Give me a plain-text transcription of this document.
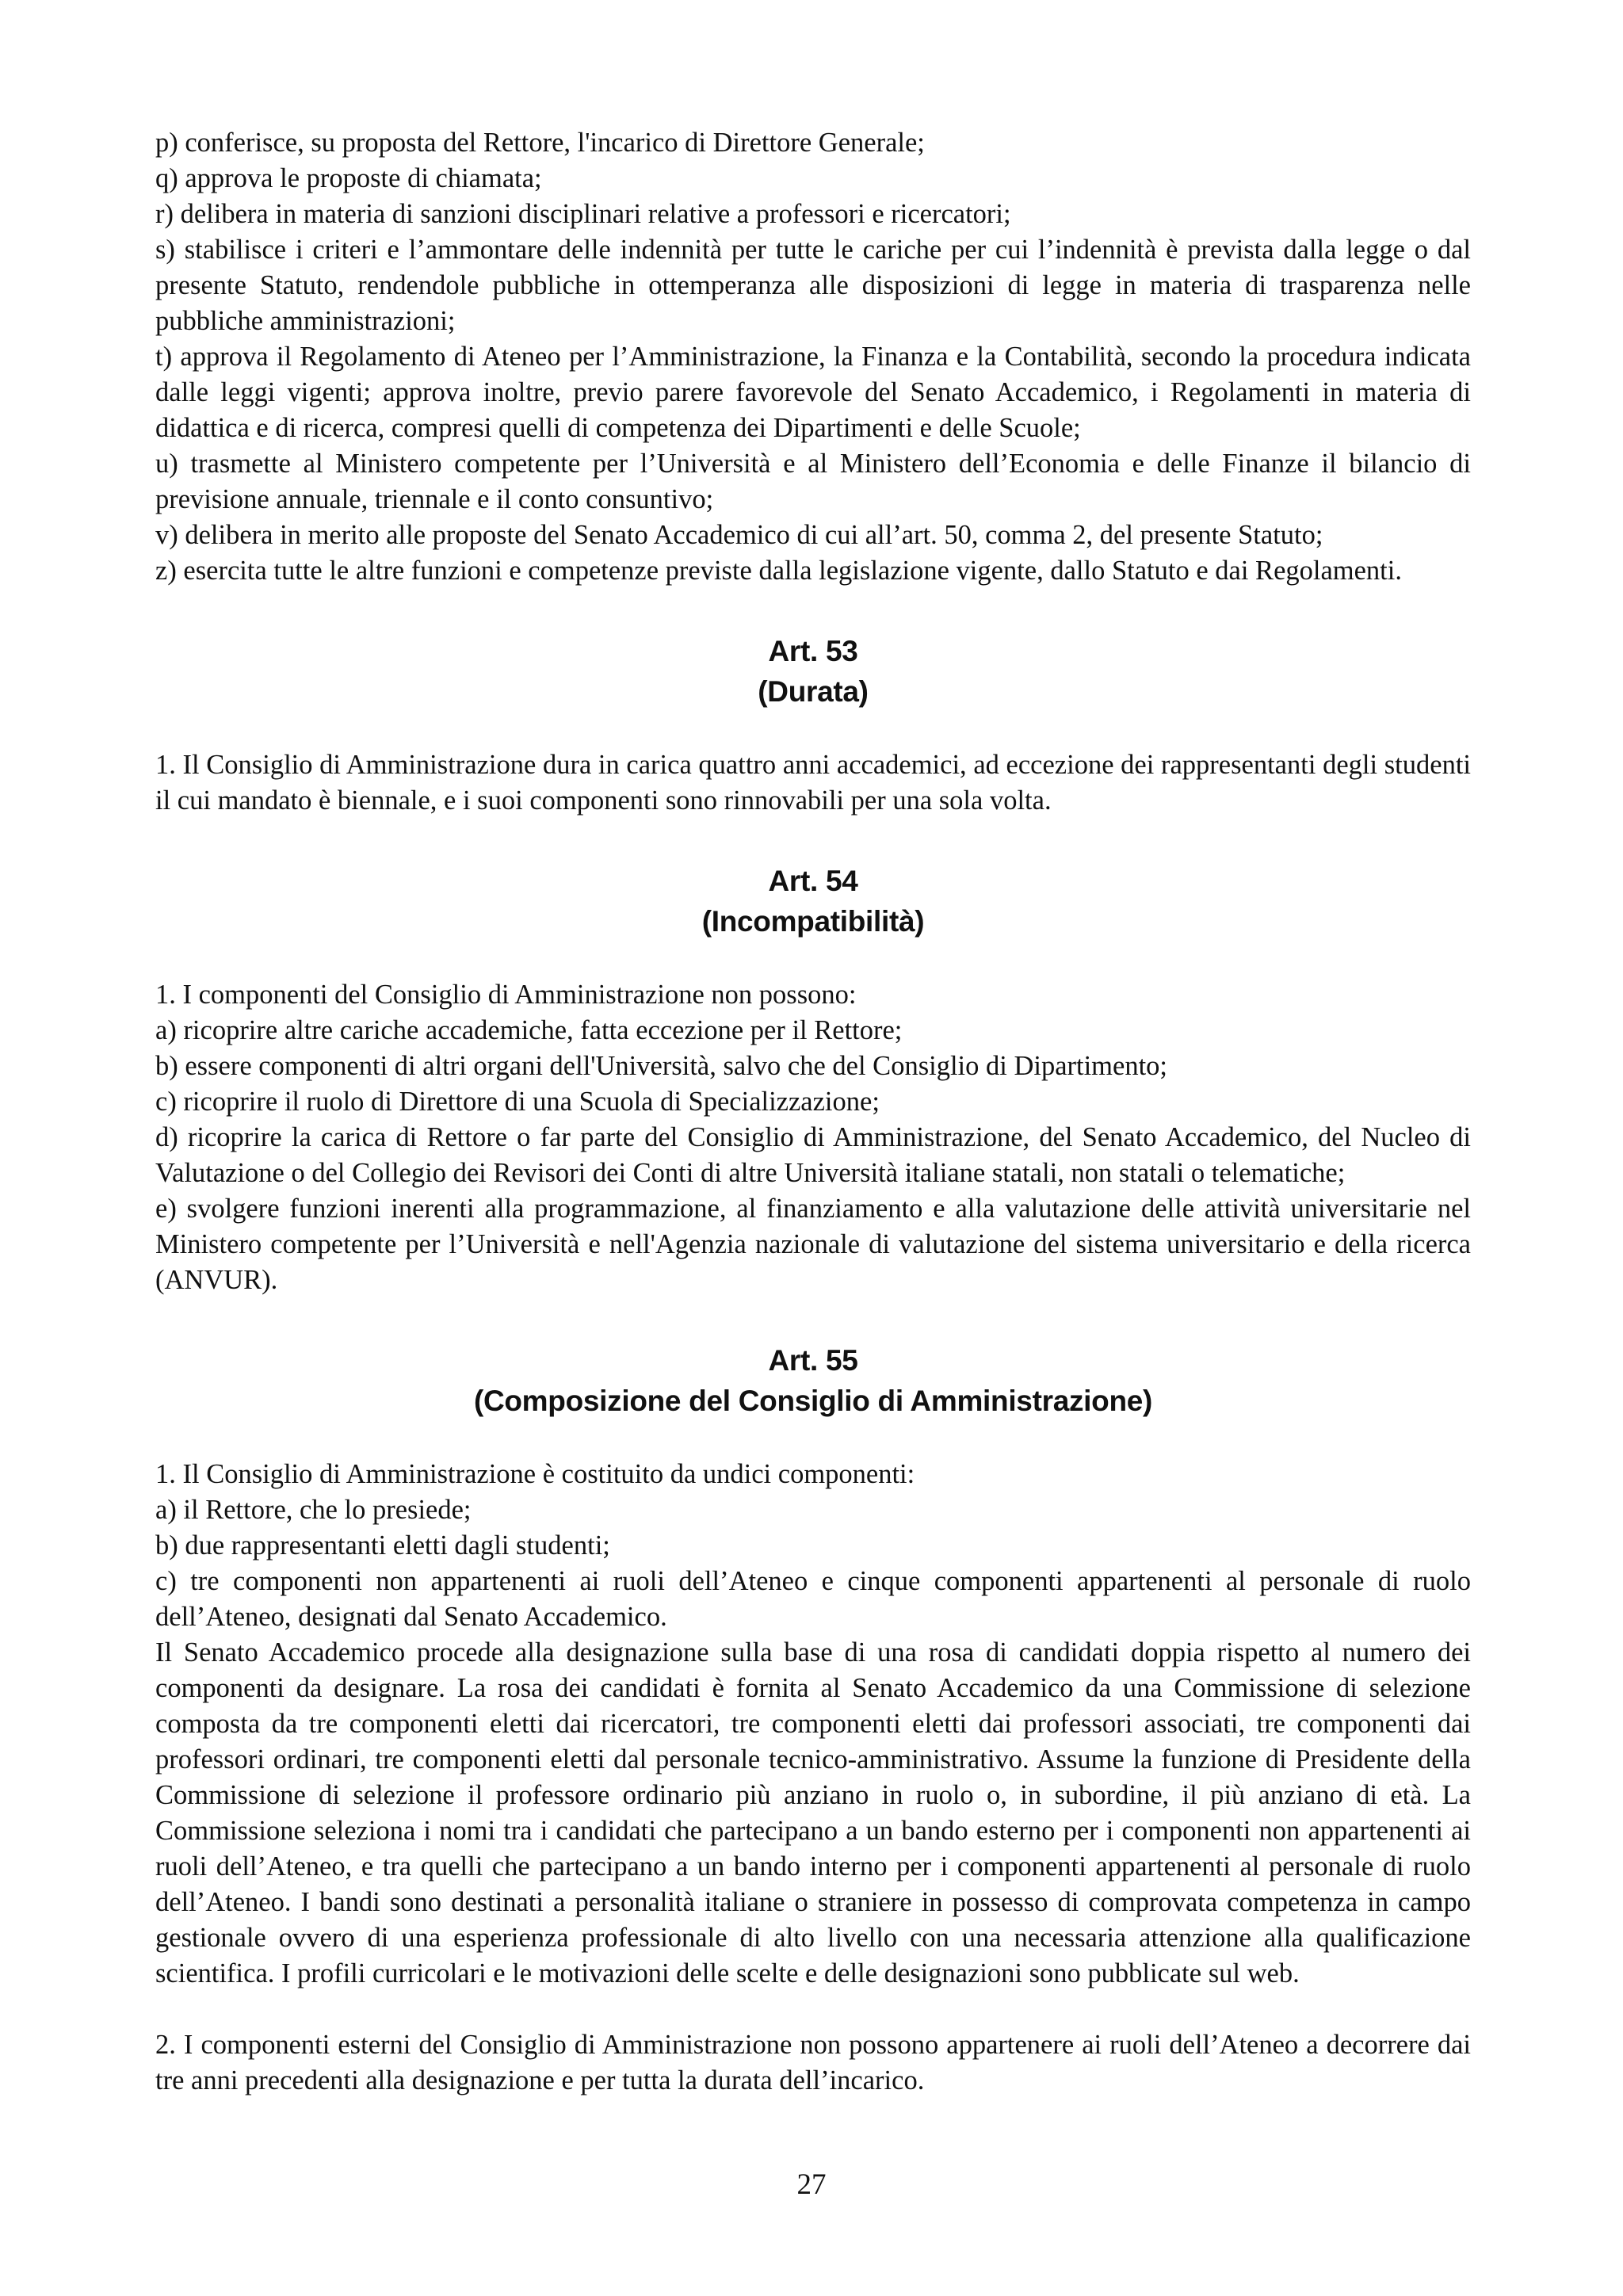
p) conferisce, su proposta del Rettore, l'incarico di Direttore Generale;

q) approva le proposte di chiamata;

r) delibera in materia di sanzioni disciplinari relative a professori e ricercatori;

s) stabilisce i criteri e l’ammontare delle indennità per tutte le cariche per cui l’indennità è prevista dalla legge o dal presente Statuto, rendendole pubbliche in ottemperanza alle disposizioni di legge in materia di trasparenza nelle pubbliche amministrazioni;

t) approva il Regolamento di Ateneo per l’Amministrazione, la Finanza e la Contabilità, secondo la procedura indicata dalle leggi vigenti; approva inoltre, previo parere favorevole del Senato Accademico, i Regolamenti in materia di didattica e di ricerca, compresi quelli di competenza dei Dipartimenti e delle Scuole;

u) trasmette al Ministero competente per l’Università e al Ministero dell’Economia e delle Finanze il bilancio di previsione annuale, triennale e il conto consuntivo;

v) delibera in merito alle proposte del Senato Accademico di cui all’art. 50, comma 2, del presente Statuto;

z) esercita tutte le altre funzioni e competenze previste dalla legislazione vigente, dallo Statuto e dai Regolamenti.

Art. 53
(Durata)

1. Il Consiglio di Amministrazione dura in carica quattro anni accademici, ad eccezione dei rappresentanti degli studenti il cui mandato è biennale, e i suoi componenti sono rinnovabili per una sola volta.

Art. 54
(Incompatibilità)

1. I componenti del Consiglio di Amministrazione non possono:

a) ricoprire altre cariche accademiche, fatta eccezione per il Rettore;

b) essere componenti di altri organi dell'Università, salvo che del Consiglio di Dipartimento;

c) ricoprire il ruolo di Direttore di una Scuola di Specializzazione;

d) ricoprire la carica di Rettore o far parte del Consiglio di Amministrazione, del Senato Accademico, del Nucleo di Valutazione o del Collegio dei Revisori dei Conti di altre Università italiane statali, non statali o telematiche;

e) svolgere funzioni inerenti alla programmazione, al finanziamento e alla valutazione delle attività universitarie nel Ministero competente per l’Università e nell'Agenzia nazionale di valutazione del sistema universitario e della ricerca (ANVUR).

Art. 55
(Composizione del Consiglio di Amministrazione)

1. Il Consiglio di Amministrazione è costituito da undici componenti:

a) il Rettore, che lo presiede;

b) due rappresentanti eletti dagli studenti;

c) tre componenti non appartenenti ai ruoli dell’Ateneo e cinque componenti appartenenti al personale di ruolo dell’Ateneo, designati dal Senato Accademico.

Il Senato Accademico procede alla designazione sulla base di una rosa di candidati doppia rispetto al numero dei componenti da designare. La rosa dei candidati è fornita al Senato Accademico da una Commissione di selezione composta da tre componenti eletti dai ricercatori, tre componenti eletti dai professori associati, tre componenti dai professori ordinari, tre componenti eletti dal personale tecnico-amministrativo. Assume la funzione di Presidente della Commissione di selezione il professore ordinario più anziano in ruolo o, in subordine, il più anziano di età. La Commissione seleziona i nomi tra i candidati che partecipano a un bando esterno per i componenti non appartenenti ai ruoli dell’Ateneo, e tra quelli che partecipano a un bando interno per i componenti appartenenti al personale di ruolo dell’Ateneo. I bandi sono destinati a personalità italiane o straniere in possesso di comprovata competenza in campo gestionale ovvero di una esperienza professionale di alto livello con una necessaria attenzione alla qualificazione scientifica. I profili curricolari e le motivazioni delle scelte e delle designazioni sono pubblicate sul web.

2. I componenti esterni del Consiglio di Amministrazione non possono appartenere ai ruoli dell’Ateneo a decorrere dai tre anni precedenti alla designazione e per tutta la durata dell’incarico.

27
